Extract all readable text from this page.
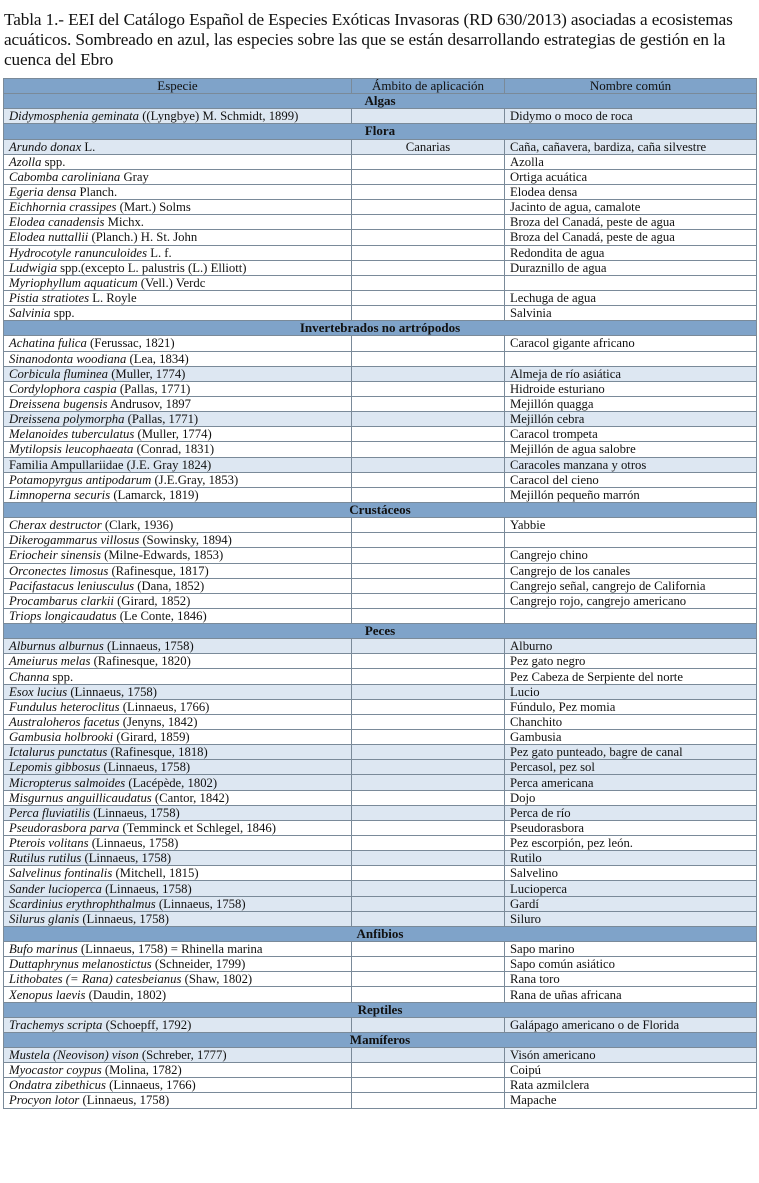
Tabla 1.- EEI del Catálogo Español de Especies Exóticas Invasoras (RD 630/2013) asociadas a ecosistemas acuáticos. Sombreado en azul, las especies sobre las que se están desarrollando estrategias de gestión en la cuenca del Ebro
Especie	Ámbito de aplicación	Nombre común
Algas		
Didymosphenia geminata ((Lyngbye) M. Schmidt, 1899)		Didymo o moco de roca
Flora		
Arundo donax L.	Canarias	Caña, cañavera, bardiza, caña silvestre
Azolla spp.		Azolla
Cabomba caroliniana Gray		Ortiga acuática
Egeria densa Planch.		Elodea densa
Eichhornia crassipes (Mart.) Solms		Jacinto de agua, camalote
Elodea canadensis Michx.		Broza del Canadá, peste de agua
Elodea nuttallii (Planch.) H. St. John		Broza del Canadá, peste de agua
Hydrocotyle ranunculoides L. f.		Redondita de agua
Ludwigia spp.(excepto L. palustris (L.) Elliott)		Duraznillo de agua
Myriophyllum aquaticum (Vell.) Verdc		
Pistia stratiotes L. Royle		Lechuga de agua
Salvinia spp.		Salvinia
Invertebrados no artrópodos		
Achatina fulica (Ferussac, 1821)		Caracol gigante africano
Sinanodonta woodiana (Lea, 1834)		
Corbicula fluminea (Muller, 1774)		Almeja de río asiática
Cordylophora caspia (Pallas, 1771)		Hidroide esturiano
Dreissena bugensis Andrusov, 1897		Mejillón quagga
Dreissena polymorpha (Pallas, 1771)		Mejillón cebra
Melanoides tuberculatus (Muller, 1774)		Caracol trompeta
Mytilopsis leucophaeata (Conrad, 1831)		Mejillón de agua salobre
Familia Ampullariidae (J.E. Gray 1824)		Caracoles manzana y otros
Potamopyrgus antipodarum (J.E.Gray, 1853)		Caracol del cieno
Limnoperna securis (Lamarck, 1819)		Mejillón pequeño marrón
Crustáceos		
Cherax destructor (Clark, 1936)		Yabbie
Dikerogammarus villosus (Sowinsky, 1894)		
Eriocheir sinensis (Milne-Edwards, 1853)		Cangrejo chino
Orconectes limosus (Rafinesque, 1817)		Cangrejo de los canales
Pacifastacus leniusculus (Dana, 1852)		Cangrejo señal, cangrejo de California
Procambarus clarkii (Girard, 1852)		Cangrejo rojo, cangrejo americano
Triops longicaudatus (Le Conte, 1846)		
Peces		
Alburnus alburnus (Linnaeus, 1758)		Alburno
Ameiurus melas (Rafinesque, 1820)		Pez gato negro
Channa spp.		Pez Cabeza de Serpiente del norte
Esox lucius (Linnaeus, 1758)		Lucio
Fundulus heteroclitus (Linnaeus, 1766)		Fúndulo, Pez momia
Australoheros facetus (Jenyns, 1842)		Chanchito
Gambusia holbrooki (Girard, 1859)		Gambusia
Ictalurus punctatus (Rafinesque, 1818)		Pez gato punteado, bagre de canal
Lepomis gibbosus (Linnaeus, 1758)		Percasol, pez sol
Micropterus salmoides (Lacépède, 1802)		Perca americana
Misgurnus anguillicaudatus (Cantor, 1842)		Dojo
Perca fluviatilis (Linnaeus, 1758)		Perca de río
Pseudorasbora parva (Temminck et Schlegel, 1846)		Pseudorasbora
Pterois volitans (Linnaeus, 1758)		Pez escorpión, pez león.
Rutilus rutilus (Linnaeus, 1758)		Rutilo
Salvelinus fontinalis (Mitchell, 1815)		Salvelino
Sander lucioperca (Linnaeus, 1758)		Lucioperca
Scardinius erythrophthalmus (Linnaeus, 1758)		Gardí
Silurus glanis (Linnaeus, 1758)		Siluro
Anfibios		
Bufo marinus (Linnaeus, 1758) = Rhinella marina		Sapo marino
Duttaphrynus melanostictus (Schneider, 1799)		Sapo común asiático
Lithobates (= Rana) catesbeianus (Shaw, 1802)		Rana toro
Xenopus laevis (Daudin, 1802)		Rana de uñas africana
Reptiles		
Trachemys scripta (Schoepff, 1792)		Galápago americano o de Florida
Mamíferos		
Mustela (Neovison) vison (Schreber, 1777)		Visón americano
Myocastor coypus (Molina, 1782)		Coipú
Ondatra zibethicus (Linnaeus, 1766)		Rata azmilclera
Procyon lotor (Linnaeus, 1758)		Mapache
